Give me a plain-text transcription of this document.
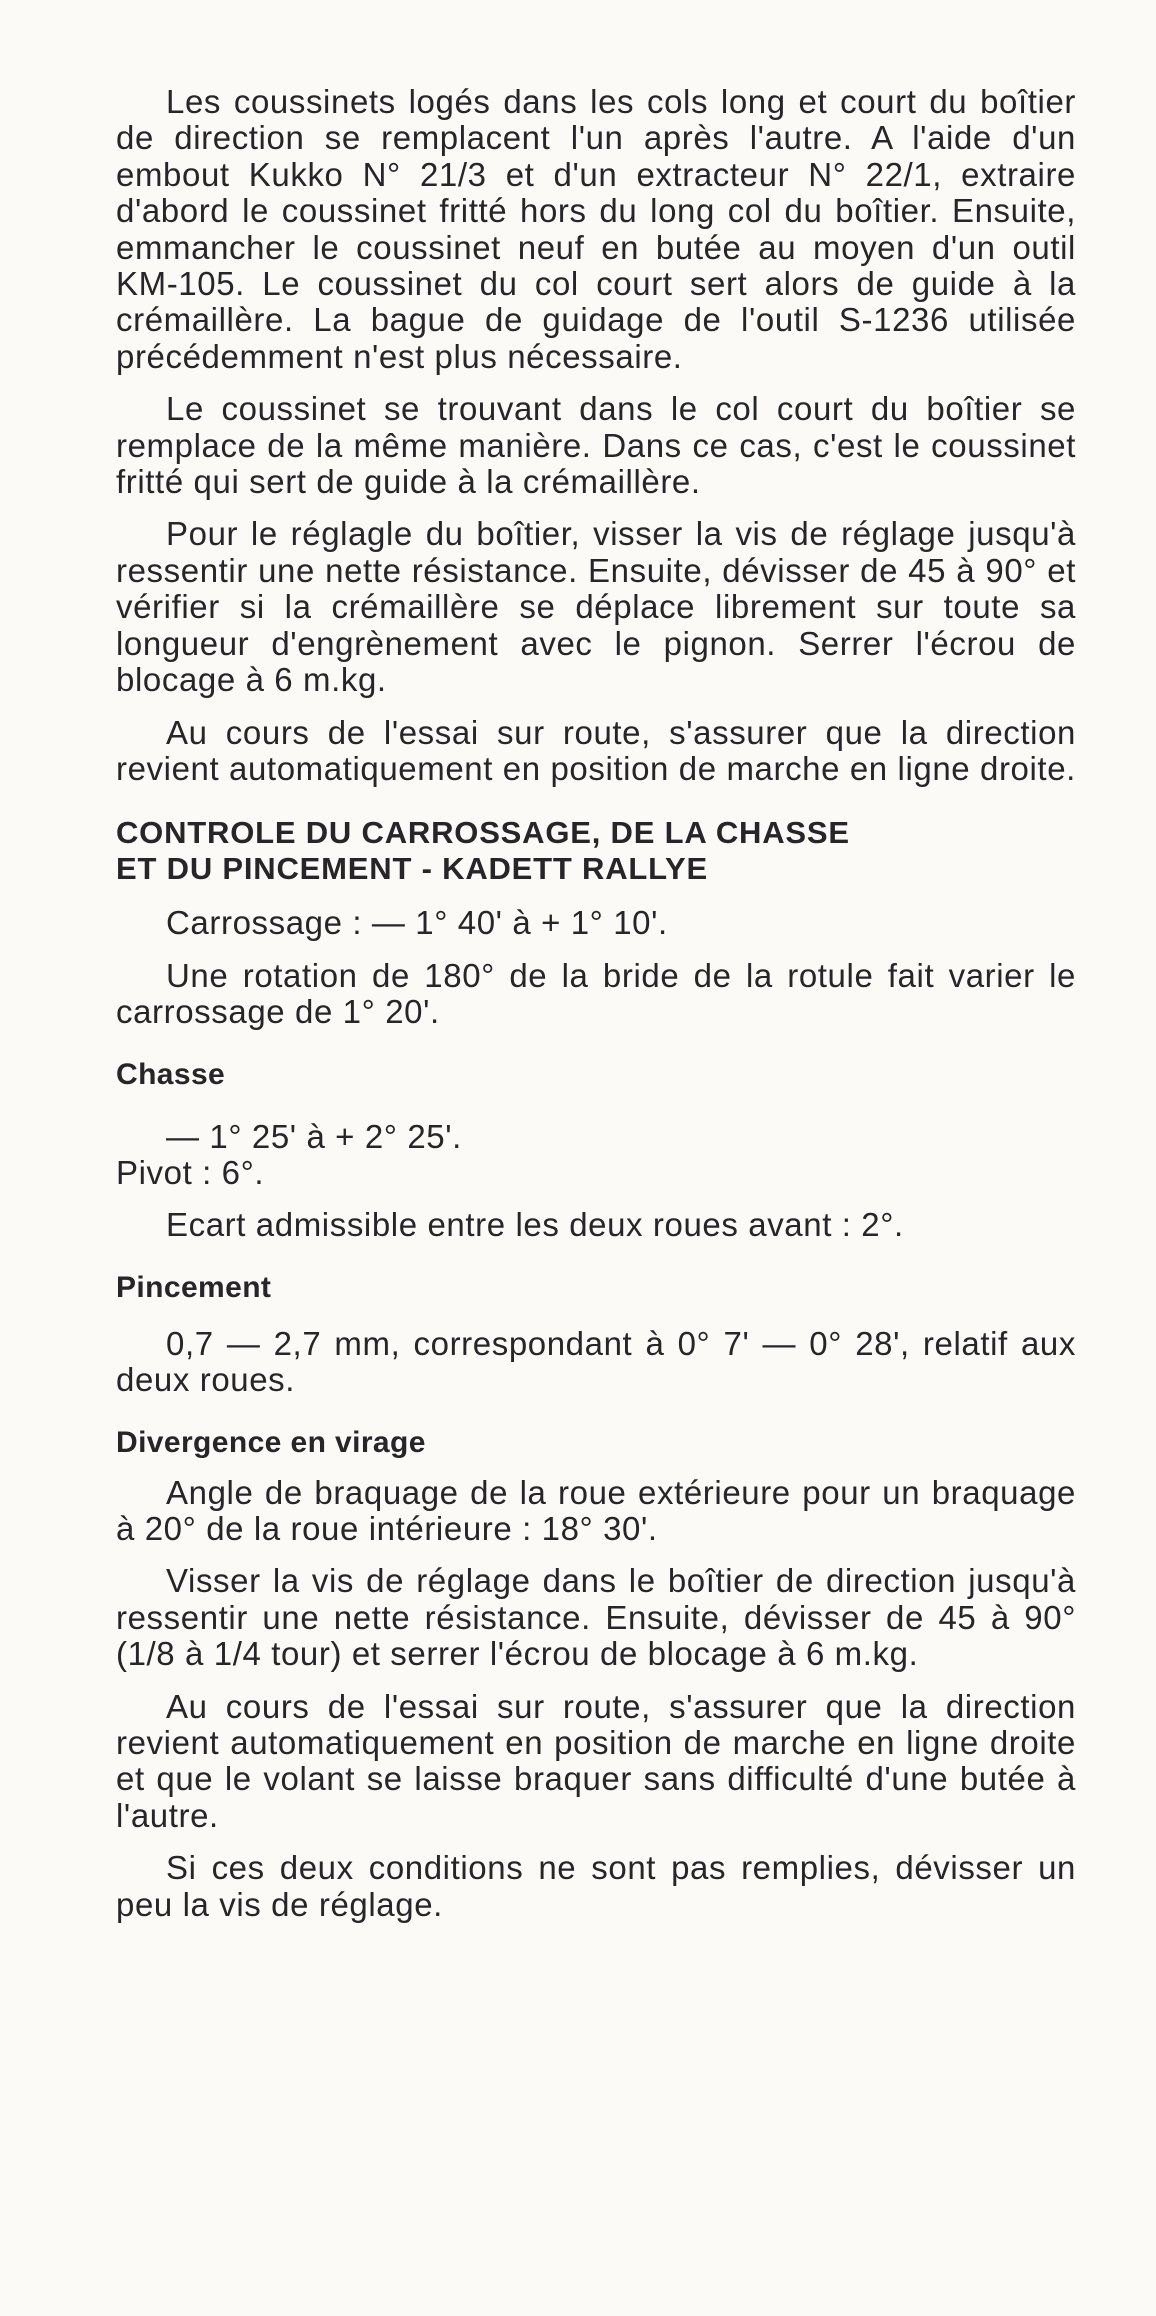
Les coussinets logés dans les cols long et court du boîtier de direction se remplacent l'un après l'autre. A l'aide d'un embout Kukko N° 21/3 et d'un extracteur N° 22/1, extraire d'abord le coussinet fritté hors du long col du boîtier. Ensuite, emmancher le coussinet neuf en butée au moyen d'un outil KM-105. Le coussinet du col court sert alors de guide à la crémaillère. La bague de guidage de l'outil S-1236 utilisée précédemment n'est plus nécessaire.

Le coussinet se trouvant dans le col court du boîtier se remplace de la même manière. Dans ce cas, c'est le coussinet fritté qui sert de guide à la crémaillère.

Pour le réglagle du boîtier, visser la vis de réglage jusqu'à ressentir une nette résistance. Ensuite, dévisser de 45 à 90° et vérifier si la crémaillère se déplace librement sur toute sa longueur d'engrènement avec le pignon. Serrer l'écrou de blocage à 6 m.kg.

Au cours de l'essai sur route, s'assurer que la direction revient automatiquement en position de marche en ligne droite.

CONTROLE DU CARROSSAGE, DE LA CHASSE
ET DU PINCEMENT - KADETT RALLYE

Carrossage : — 1° 40' à + 1° 10'.

Une rotation de 180° de la bride de la rotule fait varier le carrossage de 1° 20'.

Chasse

— 1° 25' à + 2° 25'.

Pivot : 6°.

Ecart admissible entre les deux roues avant : 2°.

Pincement

0,7 — 2,7 mm, correspondant à 0° 7' — 0° 28', relatif aux deux roues.

Divergence en virage

Angle de braquage de la roue extérieure pour un braquage à 20° de la roue intérieure : 18° 30'.

Visser la vis de réglage dans le boîtier de direction jusqu'à ressentir une nette résistance. Ensuite, dévisser de 45 à 90° (1/8 à 1/4 tour) et serrer l'écrou de blocage à 6 m.kg.

Au cours de l'essai sur route, s'assurer que la direction revient automatiquement en position de marche en ligne droite et que le volant se laisse braquer sans difficulté d'une butée à l'autre.

Si ces deux conditions ne sont pas remplies, dévisser un peu la vis de réglage.
